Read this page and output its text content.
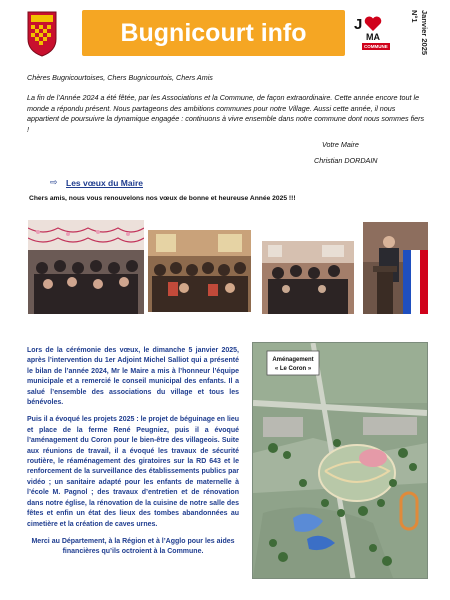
Bugnicourt info	J
MA
COMMUNE	Janvier 2025
N°1

Chères Bugnicourtoises, Chers Bugnicourtois, Chers Amis

La fin de l’Année 2024 a été fêtée, par les Associations et la Commune, de façon extraordinaire. Cette année encore tout le monde a répondu présent. Nous partageons des ambitions communes pour notre Village. Aussi cette année, il nous appartient de poursuivre la dynamique engagée : continuons à vivre ensemble dans notre commune dont nous sommes fiers !

Votre Maire
Christian DORDAIN
⇨ Les vœux du Maire
Chers amis, nous vous renouvelons nos vœux de bonne et heureuse Année 2025 !!!

Lors de la cérémonie des vœux, le dimanche 5 janvier 2025, après l’intervention du 1er Adjoint Michel Salliot qui a présenté le bilan de l’année 2024, Mr le Maire a mis à l’honneur l’équipe municipale et a remercié le conseil municipal des enfants. Il a salué l’ensemble des associations du village et tous les bénévoles.

Puis il a évoqué les projets 2025 : le projet de béguinage en lieu et place de la ferme René Peugniez, puis il a évoqué l’aménagement du Coron pour le bien-être des villageois. Suite aux réunions de travail, il a évoqué les travaux de sécurité routière, le réaménagement des giratoires sur la RD 643 et le renforcement de la surveillance des établissements publics par vidéo ; un sanitaire adapté pour les enfants de maternelle à l’école M. Pagnol ; des travaux d’entretien et de rénovation dans notre église, la rénovation de la cuisine de notre salle des fêtes et enfin un état des lieux des tombes abandonnées au cimetière et la création de caves urnes.

Merci au Département, à la Région et à l’Agglo pour les aides financières qu’ils octroient à la Commune.

Aménagement
« Le Coron »
